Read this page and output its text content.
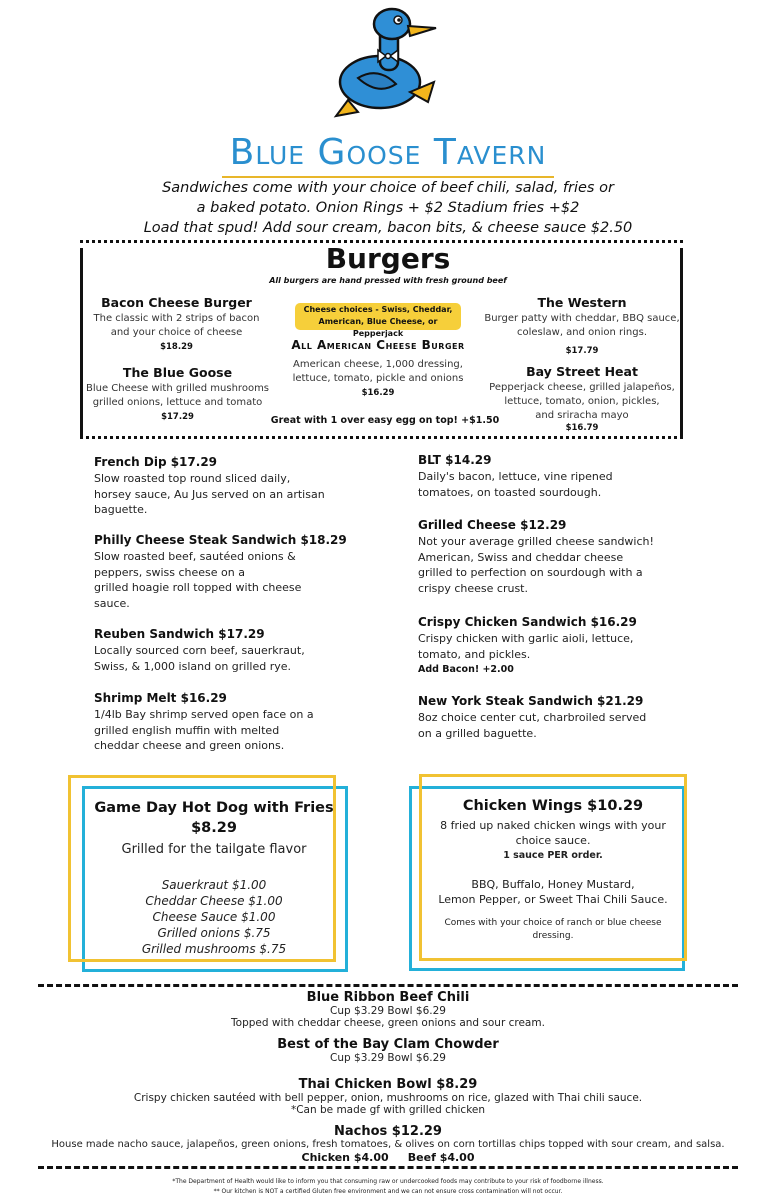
Blue Goose Tavern
Sandwiches come with your choice of beef chili, salad, fries or
a baked potato. Onion Rings + $2 Stadium fries +$2
Load that spud! Add sour cream, bacon bits, & cheese sauce $2.50
Burgers
All burgers are hand pressed with fresh ground beef
Bacon Cheese Burger
The classic with 2 strips of bacon
and your choice of cheese
$18.29
The Blue Goose
Blue Cheese with grilled mushrooms
grilled onions, lettuce and tomato
$17.29
Cheese choices - Swiss, Cheddar,
American, Blue Cheese, or Pepperjack
All American Cheese Burger
American cheese, 1,000 dressing,
lettuce, tomato, pickle and onions
$16.29
The Western
Burger patty with cheddar, BBQ sauce,
coleslaw, and onion rings.
$17.79
Bay Street Heat
Pepperjack cheese, grilled jalapeños,
lettuce, tomato, onion, pickles,
and sriracha mayo
$16.79
Great with 1 over easy egg on top! +$1.50
French Dip $17.29
Slow roasted top round sliced daily,
horsey sauce, Au Jus served on an artisan
baguette.
Philly Cheese Steak Sandwich $18.29
Slow roasted beef, sautéed onions &
peppers, swiss cheese on a
grilled hoagie roll topped with cheese
sauce.
Reuben Sandwich $17.29
Locally sourced corn beef, sauerkraut,
Swiss, & 1,000 island on grilled rye.
Shrimp Melt $16.29
1/4lb Bay shrimp served open face on a
grilled english muffin with melted
cheddar cheese and green onions.
BLT $14.29
Daily's bacon, lettuce, vine ripened
tomatoes, on toasted sourdough.
Grilled Cheese $12.29
Not your average grilled cheese sandwich!
American, Swiss and cheddar cheese
grilled to perfection on sourdough with a
crispy cheese crust.
Crispy Chicken Sandwich $16.29
Crispy chicken with garlic aioli, lettuce,
tomato, and pickles.
Add Bacon! +2.00
New York Steak Sandwich $21.29
8oz choice center cut, charbroiled served
on a grilled baguette.
Game Day Hot Dog with Fries
$8.29
Grilled for the tailgate flavor
Sauerkraut $1.00
Cheddar Cheese $1.00
Cheese Sauce $1.00
Grilled onions $.75
Grilled mushrooms $.75
Chicken Wings $10.29
8 fried up naked chicken wings with your
choice sauce.
1 sauce PER order.
BBQ, Buffalo, Honey Mustard,
Lemon Pepper, or Sweet Thai Chili Sauce.
Comes with your choice of ranch or blue cheese
dressing.
Blue Ribbon Beef Chili
Cup $3.29 Bowl $6.29
Topped with cheddar cheese, green onions and sour cream.
Best of the Bay Clam Chowder
Cup $3.29 Bowl $6.29
Thai Chicken Bowl $8.29
Crispy chicken sautéed with bell pepper, onion, mushrooms on rice, glazed with Thai chili sauce.
*Can be made gf with grilled chicken
Nachos $12.29
House made nacho sauce, jalapeños, green onions, fresh tomatoes, & olives on corn tortillas chips topped with sour cream, and salsa.
Chicken $4.00     Beef $4.00
*The Department of Health would like to inform you that consuming raw or undercooked foods may contribute to your risk of foodborne illness.
** Our kitchen is NOT a certified Gluten free environment and we can not ensure cross contamination will not occur.
